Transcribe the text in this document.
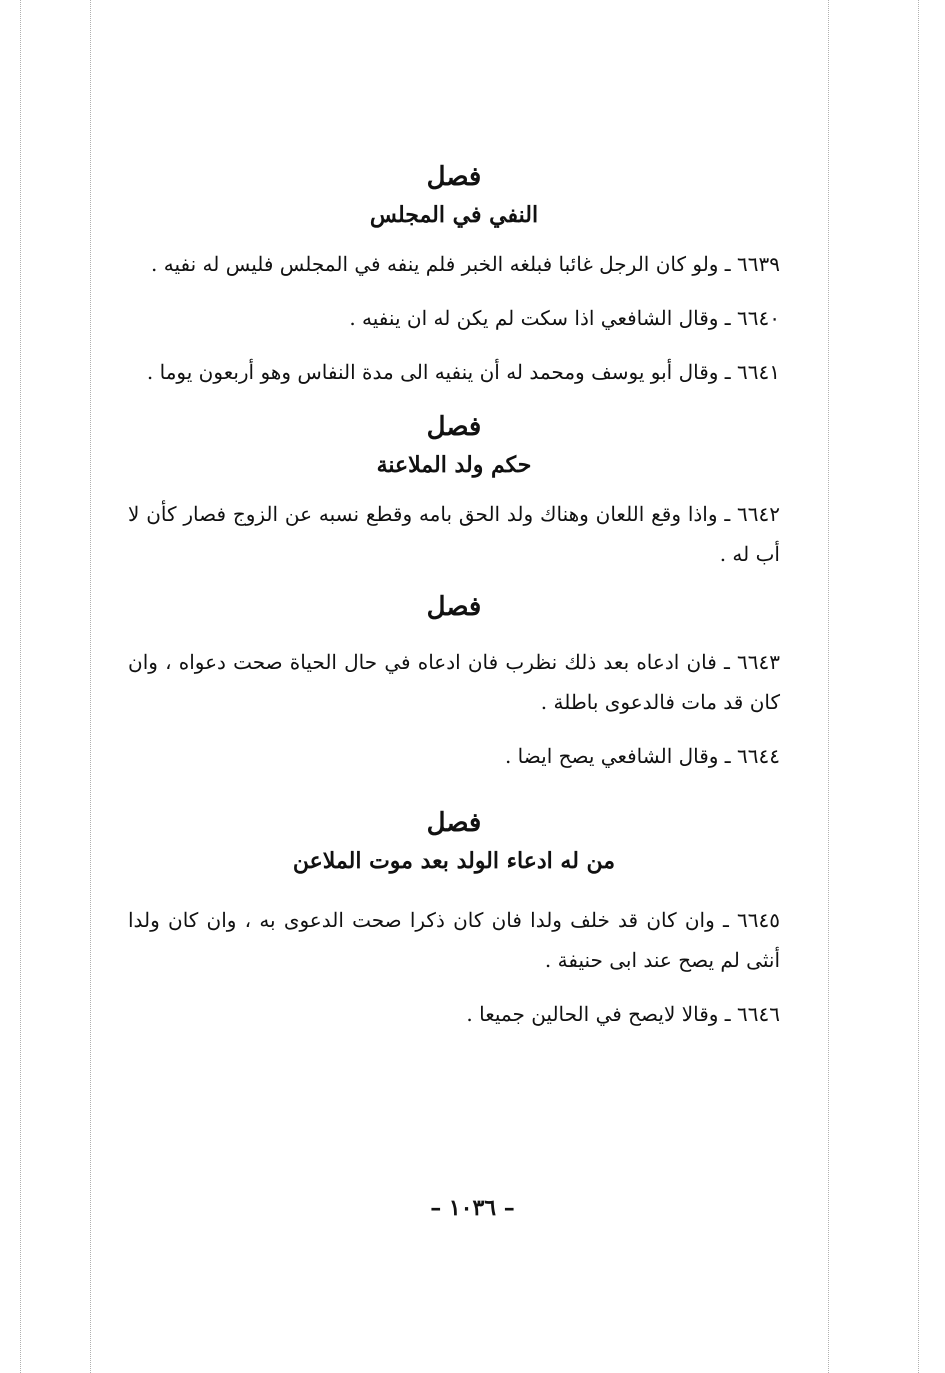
فصل

النفي في المجلس

٦٦٣٩ ـ ولو كان الرجل غائبا فبلغه الخبر فلم ينفه في المجلس فليس له نفيه .

٦٦٤٠ ـ وقال الشافعي اذا سكت لم يكن له ان ينفيه .

٦٦٤١ ـ وقال أبو يوسف ومحمد له أن ينفيه الى مدة النفاس وهو أربعون يوما .

فصل

حكم ولد الملاعنة

٦٦٤٢ ـ واذا وقع اللعان وهناك ولد الحق بامه وقطع نسبه عن الزوج فصار كأن لا أب له .

فصل

٦٦٤٣ ـ فان ادعاه بعد ذلك نظرب فان ادعاه في حال الحياة صحت دعواه ، وان كان قد مات فالدعوى باطلة .

٦٦٤٤ ـ وقال الشافعي يصح ايضا .

فصل

من له ادعاء الولد بعد موت الملاعن

٦٦٤٥ ـ وان كان قد خلف ولدا فان كان ذكرا صحت الدعوى به ، وان كان ولدا أنثى لم يصح عند ابى حنيفة .

٦٦٤٦ ـ وقالا لايصح في الحالين جميعا .

– ١٠٣٦ –
